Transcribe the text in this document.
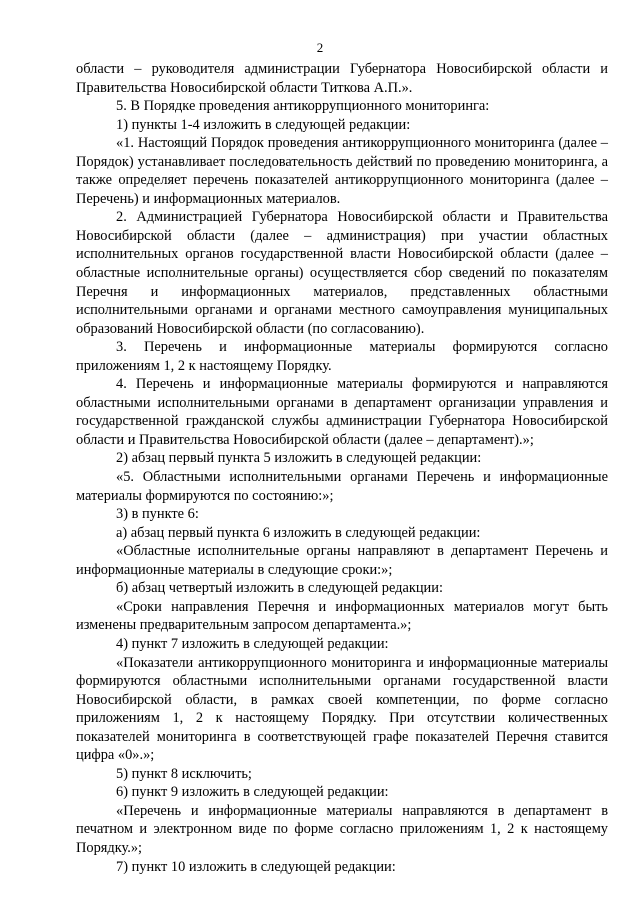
2

области – руководителя администрации Губернатора Новосибирской области и Правительства Новосибирской области Титкова А.П.».

5. В Порядке проведения антикоррупционного мониторинга:

1) пункты 1-4 изложить в следующей редакции:

«1. Настоящий Порядок проведения антикоррупционного мониторинга (далее – Порядок) устанавливает последовательность действий по проведению мониторинга, а также определяет перечень показателей антикоррупционного мониторинга (далее – Перечень) и информационных материалов.

2. Администрацией Губернатора Новосибирской области и Правительства Новосибирской области (далее – администрация) при участии областных исполнительных органов государственной власти Новосибирской области (далее – областные исполнительные органы) осуществляется сбор сведений по показателям Перечня и информационных материалов, представленных областными исполнительными органами и органами местного самоуправления муниципальных образований Новосибирской области (по согласованию).

3. Перечень и информационные материалы формируются согласно приложениям 1, 2 к настоящему Порядку.

4. Перечень и информационные материалы формируются и направляются областными исполнительными органами в департамент организации управления и государственной гражданской службы администрации Губернатора Новосибирской области и Правительства Новосибирской области (далее – департамент).»;

2) абзац первый пункта 5 изложить в следующей редакции:

«5. Областными исполнительными органами Перечень и информационные материалы формируются по состоянию:»;

3) в пункте 6:

а) абзац первый пункта 6 изложить в следующей редакции:

«Областные исполнительные органы направляют в департамент Перечень и информационные материалы в следующие сроки:»;

б) абзац четвертый изложить в следующей редакции:

«Сроки направления Перечня и информационных материалов могут быть изменены предварительным запросом департамента.»;

4) пункт 7 изложить в следующей редакции:

«Показатели антикоррупционного мониторинга и информационные материалы формируются областными исполнительными органами государственной власти Новосибирской области, в рамках своей компетенции, по форме согласно приложениям 1, 2 к настоящему Порядку. При отсутствии количественных показателей мониторинга в соответствующей графе показателей Перечня ставится цифра «0».»;

5) пункт 8 исключить;

6) пункт 9 изложить в следующей редакции:

«Перечень и информационные материалы направляются в департамент в печатном и электронном виде по форме согласно приложениям 1, 2 к настоящему Порядку.»;

7) пункт 10 изложить в следующей редакции:
